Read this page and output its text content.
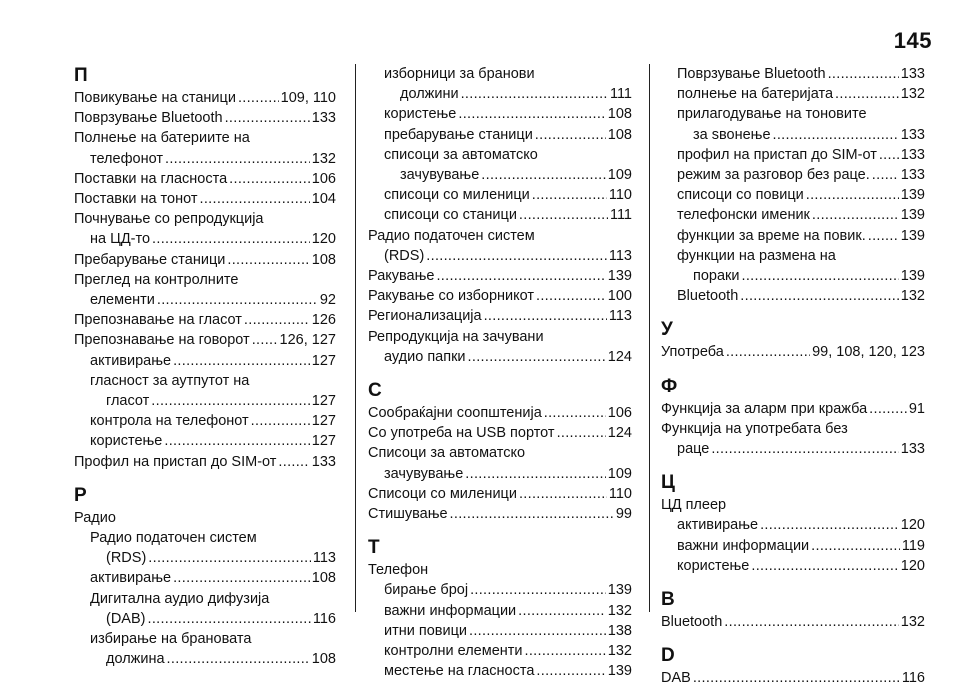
145
П
Повикување на станици .....	109, 110
Поврзување Bluetooth .....	133
Полнење на батериите на
телефонот .....	132
Поставки на гласноста .....	106
Поставки на тонот .....	104
Почнување со репродукција
на ЦД-то .....	120
Пребарување станици .....	108
Преглед на контролните
елементи .....	92
Препознавање на гласот .....	126
Препознавање на говорот ..... 126, 127
активирање .....	127
гласност за аутпутот на
гласот .....	127
контрола на телефонот .....	127
користење .....	127
Профил на пристап до SIM-от ..... 133
Р
Радио
Радио податочен систем
(RDS) .....	113
активирање .....	108
Дигитална аудио дифузија
(DAB) .....	116
избирање на брановата
должина .....	108
изборници за бранови
должини .....	111
користење .....	108
пребарување станици .....	108
списоци за автоматско
зачувување .....	109
списоци со миленици .....	110
списоци со станици .....	111
Радио податочен систем
(RDS) .....	113
Ракување .....	139
Ракување со изборникот .....	100
Регионализација .....	113
Репродукција на зачувани
аудио папки .....	124
С
Сообраќајни соопштенија .....	106
Со употреба на USB портот .....	124
Списоци за автоматско
зачувување .....	109
Списоци со миленици .....	110
Стишување .....	99
Т
Телефон
бирање број .....	139
важни информации .....	132
итни повици .....	138
контролни елементи .....	132
местење на гласноста .....	139
Поврзување Bluetooth .....	133
полнење на батеријата .....	132
прилагодување на тоновите
за ѕвонење .....	133
профил на пристап до SIM-от ..... 133
режим за разговор без раце. ..... 133
списоци со повици .....	139
телефонски именик .....	139
функции за време на повик. ..... 139
функции на размена на
пораки .....	139
Bluetooth .....	132
У
Употреба .....	99, 108, 120, 123
Ф
Функција за аларм при кражба .....	91
Функција на употребата без
раце .....	133
Ц
ЦД плеер
активирање .....	120
важни информации .....	119
користење .....	120
B
Bluetooth .....	132
D
DAB .....	116
